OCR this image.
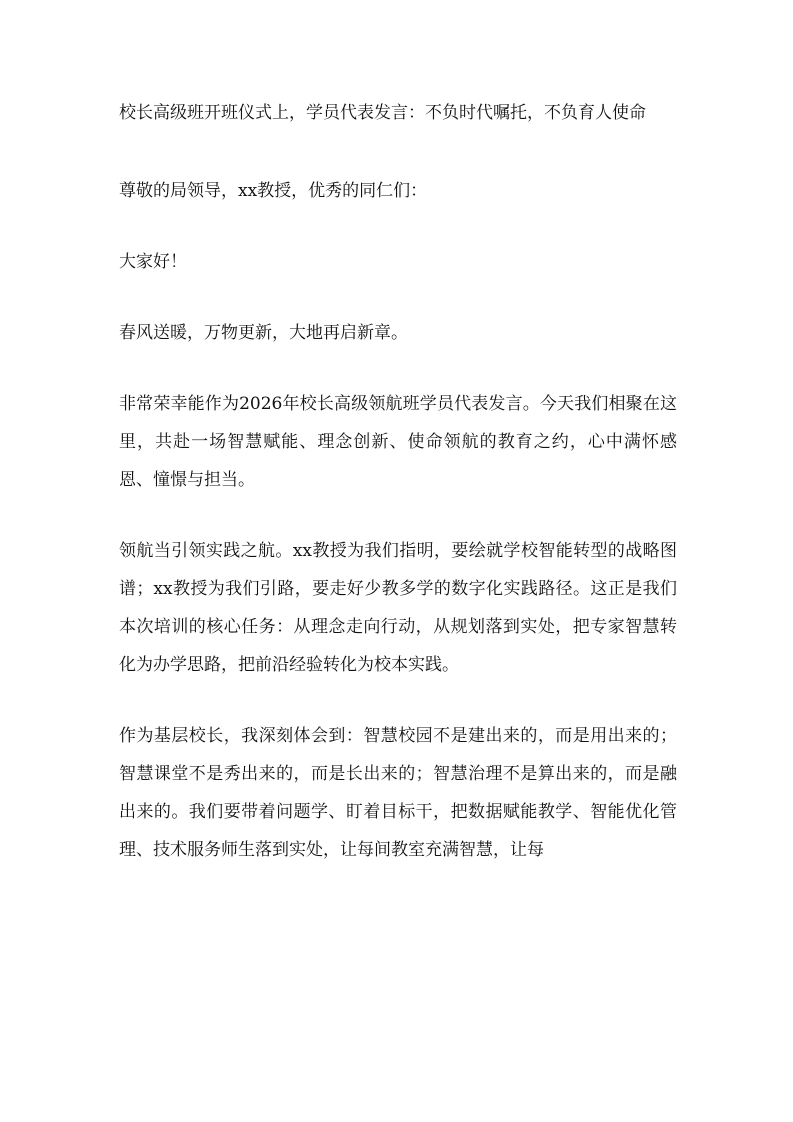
校长高级班开班仪式上，学员代表发言：不负时代嘱托，不负育人使命

尊敬的局领导，xx教授，优秀的同仁们：

大家好！

春风送暖，万物更新，大地再启新章。

非常荣幸能作为2026年校长高级领航班学员代表发言。今天我们相聚在这里，共赴一场智慧赋能、理念创新、使命领航的教育之约，心中满怀感恩、憧憬与担当。

领航当引领实践之航。xx教授为我们指明，要绘就学校智能转型的战略图谱；xx教授为我们引路，要走好少教多学的数字化实践路径。这正是我们本次培训的核心任务：从理念走向行动，从规划落到实处，把专家智慧转化为办学思路，把前沿经验转化为校本实践。

作为基层校长，我深刻体会到：智慧校园不是建出来的，而是用出来的；智慧课堂不是秀出来的，而是长出来的；智慧治理不是算出来的，而是融出来的。我们要带着问题学、盯着目标干，把数据赋能教学、智能优化管理、技术服务师生落到实处，让每间教室充满智慧，让每
